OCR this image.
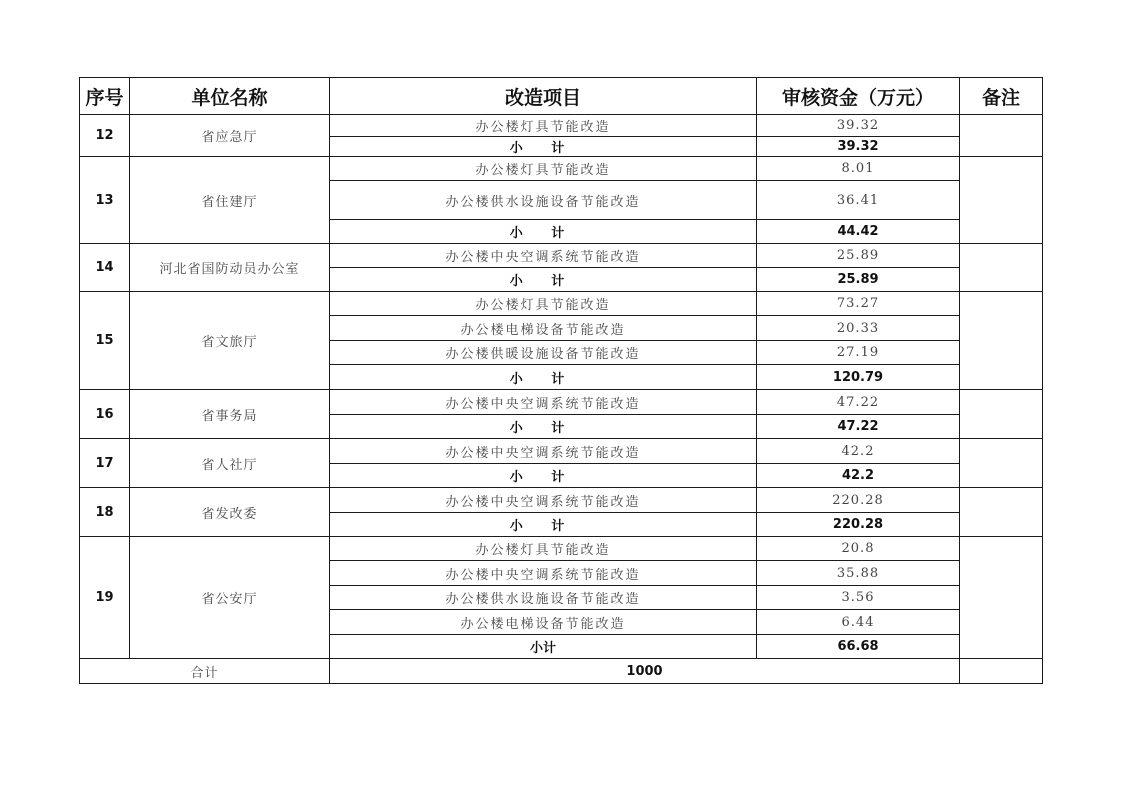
序号	单位名称	改造项目	审核资金（万元）	备注
12	省应急厅	办公楼灯具节能改造	39.32	
		小 计	39.32	
13	省住建厅	办公楼灯具节能改造	8.01	
		办公楼供水设施设备节能改造	36.41	
		小 计	44.42	
14	河北省国防动员办公室	办公楼中央空调系统节能改造	25.89	
		小 计	25.89	
15	省文旅厅	办公楼灯具节能改造	73.27	
		办公楼电梯设备节能改造	20.33	
		办公楼供暖设施设备节能改造	27.19	
		小 计	120.79	
16	省事务局	办公楼中央空调系统节能改造	47.22	
		小 计	47.22	
17	省人社厅	办公楼中央空调系统节能改造	42.2	
		小 计	42.2	
18	省发改委	办公楼中央空调系统节能改造	220.28	
		小 计	220.28	
19	省公安厅	办公楼灯具节能改造	20.8	
		办公楼中央空调系统节能改造	35.88	
		办公楼供水设施设备节能改造	3.56	
		办公楼电梯设备节能改造	6.44	
		小计	66.68	
合计		1000		
